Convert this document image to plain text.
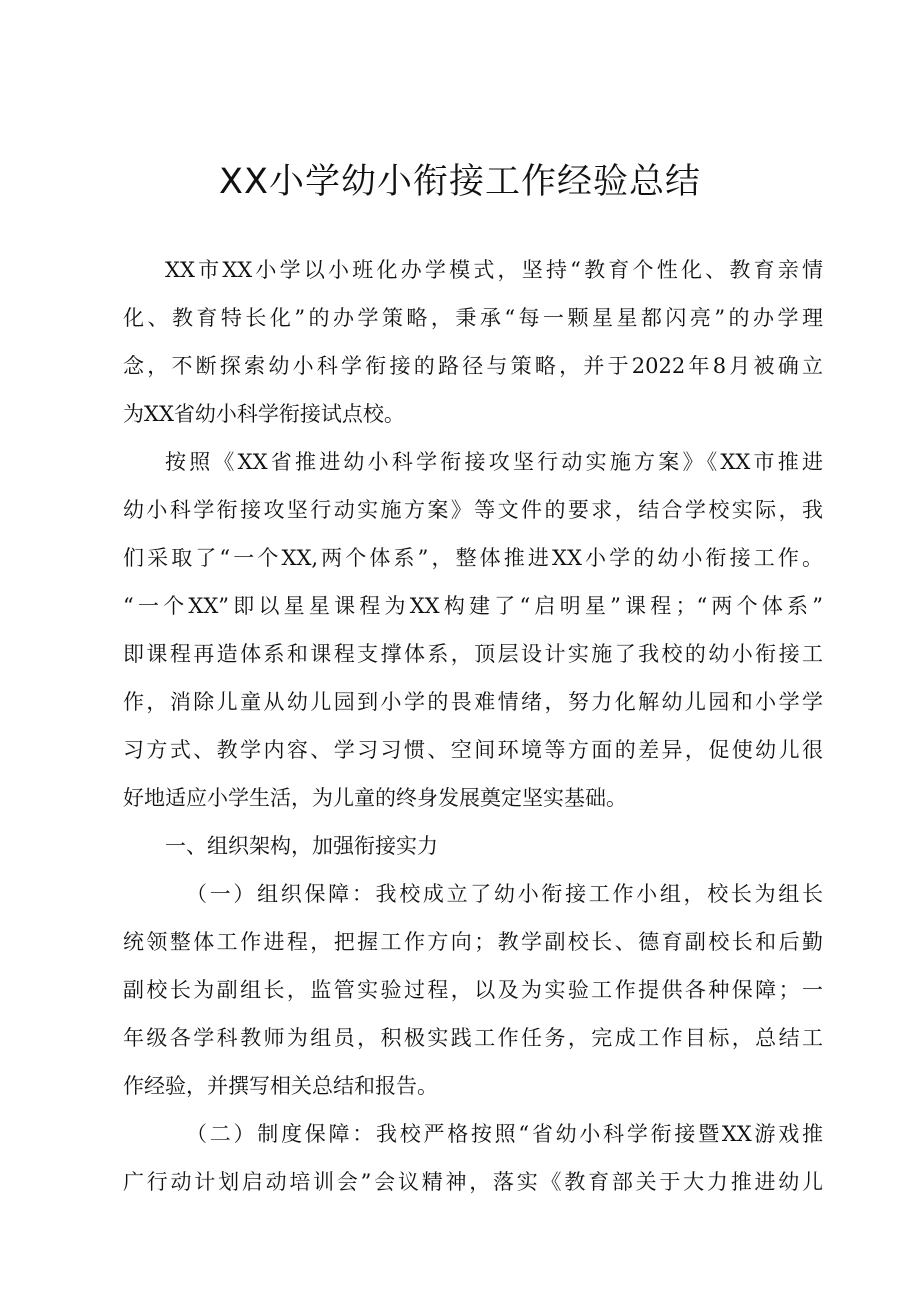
XX小学幼小衔接工作经验总结
XX市XX小学以小班化办学模式，坚持“教育个性化、教育亲情
化、教育特长化”的办学策略，秉承“每一颗星星都闪亮”的办学理
念，不断探索幼小科学衔接的路径与策略，并于2022年8月被确立
为XX省幼小科学衔接试点校。
按照《XX省推进幼小科学衔接攻坚行动实施方案》《XX市推进
幼小科学衔接攻坚行动实施方案》等文件的要求，结合学校实际，我
们采取了“一个XX,两个体系”，整体推进XX小学的幼小衔接工作。
“一个XX”即以星星课程为XX构建了“启明星”课程；“两个体系”
即课程再造体系和课程支撑体系，顶层设计实施了我校的幼小衔接工
作，消除儿童从幼儿园到小学的畏难情绪，努力化解幼儿园和小学学
习方式、教学内容、学习习惯、空间环境等方面的差异，促使幼儿很
好地适应小学生活，为儿童的终身发展奠定坚实基础。
一、组织架构，加强衔接实力
（一）组织保障：我校成立了幼小衔接工作小组，校长为组长
统领整体工作进程，把握工作方向；教学副校长、德育副校长和后勤
副校长为副组长，监管实验过程，以及为实验工作提供各种保障；一
年级各学科教师为组员，积极实践工作任务，完成工作目标，总结工
作经验，并撰写相关总结和报告。
（二）制度保障：我校严格按照“省幼小科学衔接暨XX游戏推
广行动计划启动培训会”会议精神，落实《教育部关于大力推进幼儿
